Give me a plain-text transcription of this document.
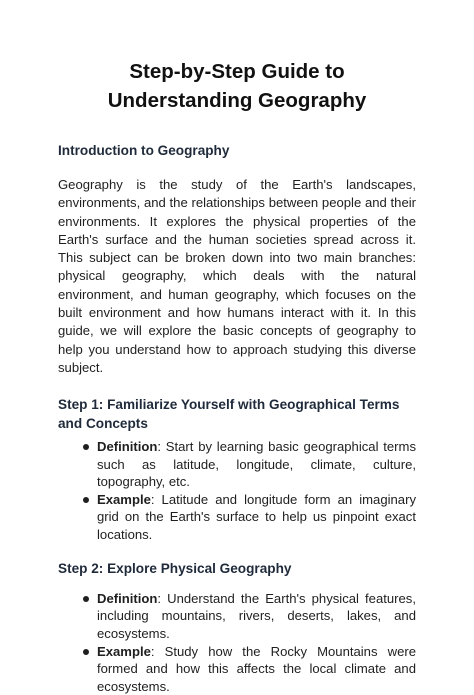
Step-by-Step Guide to
Understanding Geography
Introduction to Geography

Geography is the study of the Earth's landscapes, environments, and the relationships between people and their environments. It explores the physical properties of the Earth's surface and the human societies spread across it. This subject can be broken down into two main branches: physical geography, which deals with the natural environment, and human geography, which focuses on the built environment and how humans interact with it. In this guide, we will explore the basic concepts of geography to help you understand how to approach studying this diverse subject.

Step 1: Familiarize Yourself with Geographical Terms and Concepts
Definition: Start by learning basic geographical terms such as latitude, longitude, climate, culture, topography, etc.
Example: Latitude and longitude form an imaginary grid on the Earth's surface to help us pinpoint exact locations.
Step 2: Explore Physical Geography
Definition: Understand the Earth's physical features, including mountains, rivers, deserts, lakes, and ecosystems.
Example: Study how the Rocky Mountains were formed and how this affects the local climate and ecosystems.
